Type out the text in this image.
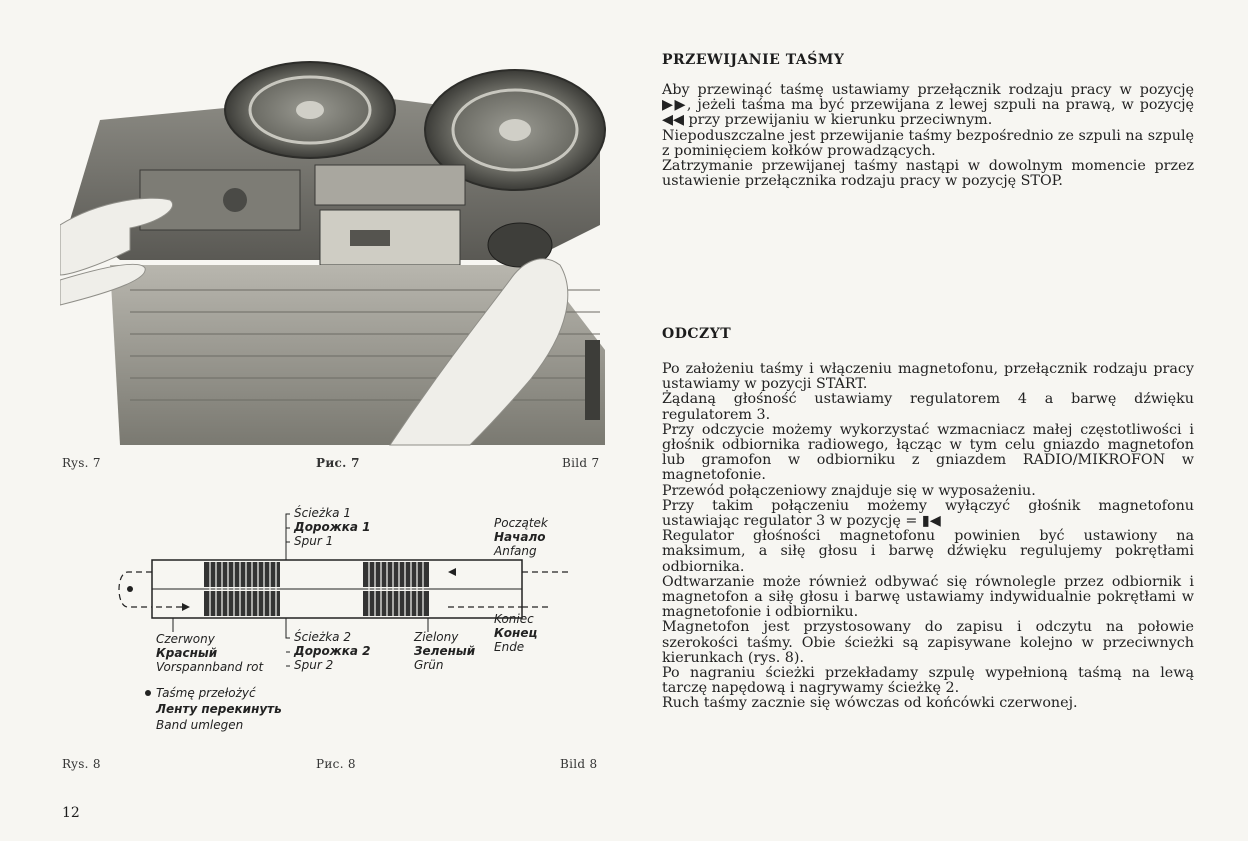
Rys. 7	Рис. 7	Bild 7
Ścieżka 1
Дорожка 1
Spur 1
Początek
Начало
Anfang
Koniec
Конец
Ende
Czerwony
Красный
Vorspannband rot
Ścieżka 2
Дорожка 2
Spur 2
Zielony
Зеленый
Grün
Taśmę przełożyć
Ленту перекинуть
Band umlegen
Rys. 8	Рис. 8	Bild 8
PRZEWIJANIE TAŚMY

Aby przewinąć taśmę ustawiamy przełącznik rodzaju pracy w pozycję ▶▶, jeżeli taśma ma być przewijana z lewej szpuli na prawą, w pozycję ◀◀ przy przewijaniu w kierunku przeciwnym.

Niepoduszczalne jest przewijanie taśmy bezpośrednio ze szpuli na szpulę z pominięciem kołków prowadzących.

Zatrzymanie przewijanej taśmy nastąpi w dowolnym momencie przez ustawienie przełącznika rodzaju pracy w pozycję STOP.

ODCZYT

Po założeniu taśmy i włączeniu magnetofonu, przełącznik rodzaju pracy ustawiamy w pozycji START.

Żądaną głośność ustawiamy regulatorem 4 a barwę dźwięku regulatorem 3.

Przy odczycie możemy wykorzystać wzmacniacz małej częstotliwości i głośnik odbiornika radiowego, łącząc w tym celu gniazdo magnetofon lub gramofon w odbiorniku z gniazdem RADIO/MIKROFON w magnetofonie.

Przewód połączeniowy znajduje się w wyposażeniu.

Przy takim połączeniu możemy wyłączyć głośnik magnetofonu ustawiając regulator 3 w pozycję = ▮◀

Regulator głośności magnetofonu powinien być ustawiony na maksimum, a siłę głosu i barwę dźwięku regulujemy pokrętłami odbiornika.

Odtwarzanie może również odbywać się równolegle przez odbiornik i magnetofon a siłę głosu i barwę ustawiamy indywidualnie pokrętłami w magnetofonie i odbiorniku.

Magnetofon jest przystosowany do zapisu i odczytu na połowie szerokości taśmy. Obie ścieżki są zapisywane kolejno w przeciwnych kierunkach (rys. 8).

Po nagraniu ścieżki przekładamy szpulę wypełnioną taśmą na lewą tarczę napędową i nagrywamy ścieżkę 2.

Ruch taśmy zacznie się wówczas od końcówki czerwonej.

12
